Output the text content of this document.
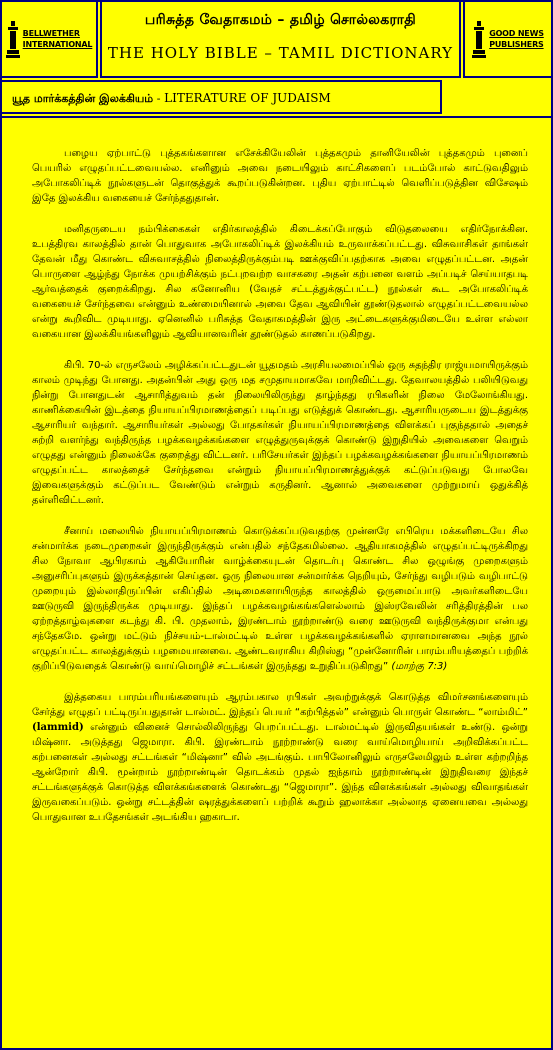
BELLWETHER
INTERNATIONAL
பரிசுத்த வேதாகமம் – தமிழ் சொல்லகராதி
THE HOLY BIBLE – TAMIL DICTIONARY
GOOD NEWS
PUBLISHERS
யூத மார்க்கத்தின் இலக்கியம் - LITERATURE OF JUDAISM

பழைய ஏற்பாட்டு புத்தகங்களான எசேக்கியேலின் புத்தகமும் தானியேலின் புத்தகமும் புனைப் பெயரில் எழுதப்பட்டவையல்ல. எனினும் அவை நடையிலும் காட்சிகளைப் படம்போல் காட்டுவதிலும் அபோகலிப்டிக் நூல்களுடன் தொகுத்துக் கூறப்படுகின்றன. புதிய ஏற்பாட்டில் வெளிப்படுத்தின விசேஷம் இதே இலக்கிய வகையைச் சேர்ந்ததுதான்.

மனிதருடைய நம்பிக்கைகள் எதிர்காலத்தில் கிடைக்கப்போகும் விடுதலையை எதிர்நோக்கின. உபத்திரவ காலத்தில் தான் பொதுவாக அபோகலிப்டிக் இலக்கியம் உருவாக்கப்பட்டது. விசுவாசிகள் தாங்கள் தேவன் மீது கொண்ட விசுவாசத்தில் நிலைத்திருக்கும்படி ஊக்குவிப்பதற்காக அவை எழுதப்பட்டன. அதன் பொருளை ஆழ்ந்து நோக்க முயற்சிக்கும் நட்புறவற்ற வாசகரை அதன் கற்பனை வளம் அப்படிச் செய்யாதபடி ஆர்வத்தைக் குறைக்கிறது. சில கனோனிய (வேதச் சட்டத்துக்குட்பட்ட) நூல்கள் கூட அபோகலிப்டிக் வகையைச் சேர்ந்தவை என்னும் உண்மையினால் அவை தேவ ஆவியின் தூண்டுதலால் எழுதப்பட்டவையல்ல என்று கூறிவிட முடியாது. ஏனெனில் பரிசுத்த வேதாகமத்தின் இரு அட்டைகளுக்குமிடையே உள்ள எல்லா வகையான இலக்கியங்களிலும் ஆவியானவரின் தூண்டுதல் காணப்படுகிறது.

கிபி. 70-ல் எருசலேம் அழிக்கப்பட்டதுடன் யூதமதம் அரசியலமைப்பில் ஒரு சுதந்திர ராஜ்யமாயிருக்கும் காலம் முடிந்து போனது. அதன்பின் அது ஒரு மத சமுதாயமாகவே மாறிவிட்டது. தேவாலயத்தில் பலியிடுவது நின்று போனதுடன் ஆசாரித்துவம் தன் நிலையிலிருந்து தாழ்ந்தது ரபிகளின் நிலை மேலோங்கியது. காணிக்கையின் இடத்தை நியாயப்பிரமாணத்தைப் படிப்பது எடுத்துக் கொண்டது. ஆசாரியருடைய இடத்துக்கு ஆசாரியர் வந்தார். ஆசாரியர்கள் அல்லது போதகர்கள் நியாயப்பிரமாணத்தை விளக்கப் புகுந்ததால் அதைச் சுற்றி வளர்ந்து வந்திருந்த பழக்கவழக்கங்களை எழுத்துருவுக்குக் கொண்டு இறுதியில் அவைகளை வெறும் எழுதது என்னும் நிலைக்கே குறைத்து விட்டனர். பரிசேயர்கள் இந்தப் பழக்கவழக்கங்களை நியாயப்பிரமாணம் எழுதப்பட்ட காலத்தைச் சேர்ந்தவை என்றும் நியாயப்பிரமாணத்துக்குக் கட்டுப்படுவது போலவே இவைகளுக்கும் கட்டுப்பட வேண்டும் என்றும் கருதினர். ஆனால் அவைகளை முற்றுமாய் ஒதுக்கித் தள்ளிவிட்டனர்.

சீனாய் மலையில் நியாயப்பிரமாணம் கொடுக்கப்படுவதற்கு முன்னரே எபிரெய மக்களிடையே சில சன்மார்க்க நடைமுறைகள் இருந்திருக்கும் என்பதில் சந்தேகமில்லை. ஆதியாகமத்தில் எழுதப்பட்டிருக்கிறது சில நோவா ஆபிரகாம் ஆகியோரின் வாழ்க்கையுடன் தொடர்பு கொண்ட சில ஒழுங்கு முறைகளும் அனுசரிப்புகளும் இருக்கத்தான் செய்தன. ஒரு நிலையான சன்மார்க்க நெறியும், சேர்ந்து வழிபடும் வழிபாட்டு முறையும் இல்லாதிருப்பின் எகிப்தில் அடிமைகளாயிருந்த காலத்தில் ஒருமைப்பாடு அவர்களிடையே ஊடுருவி இருந்திருக்க முடியாது. இந்தப் பழக்கவழங்கங்களெல்லாம் இஸ்ரவேலின் சரித்திரத்தின் பல ஏற்றத்தாழ்வுகளை கடந்து கி. பி. முதலாம், இரண்டாம் நூற்றாண்டு வரை ஊடுருவி வந்திருக்குமா என்பது சந்தேகமே. ஒன்று மட்டும் நிச்சயம்-டால்மட்டில் உள்ள பழக்கவழக்கங்களில் ஏராளமானவை அந்த நூல் எழுதப்பட்ட காலத்துக்கும் பழமையானவை. ஆண்டவராகிய கிறிஸ்து “முன்னோரின் பாரம்பரியத்தைப் பற்றிக் குறிப்பிடுவதைக் கொண்டு வாய்மொழிச் சட்டங்கள் இருந்தது உறுதிப்படுகிறது” (மாற்கு 7:3)

இத்தகைய பாரம்பரியங்களையும் ஆரம்பகால ரபிகள் அவற்றுக்குக் கொடுத்த விமர்சனங்களையும் சேர்த்து எழுதப் பட்டிருப்பதுதான் டால்மட். இந்தப் பெயர் “கற்பித்தல்” என்னும் பொருள் கொண்ட “லாம்மிட்” (lammid) என்னும் வினைச் சொல்லிலிருந்து பெறப்பட்டது. டால்மட்டில் இருவிதயங்கள் உண்டு. ஒன்று மிஷ்னா. அடுத்தது ஜெமாரா. கிபி. இரண்டாம் நூற்றாண்டு வரை வாய்மொழியாய் அறிவிக்கப்பட்ட கற்பனைகள் அல்லது சட்டங்கள் “மிஷ்னா” வில் அடங்கும். பாபிலோனிலும் எருசலேமிலும் உள்ள கற்றறிந்த ஆன்றோர் கிபி. மூன்றாம் நூற்றாண்டின் தொடக்கம் முதல் ஐந்தாம் நூற்றாண்டின் இறுதிவரை இந்தச் சட்டங்களுக்குக் கொடுத்த விளக்கங்களைக் கொண்டது “ஜெமாரா”. இந்த விளக்கங்கள் அல்லது விவாதங்கள் இருவகைப்படும். ஒன்று சட்டத்தின் ஷரத்துக்களைப் பற்றிக் கூறும் ஹலாக்கா அல்லாத ஏனையவை அல்லது பொதுவான உபதேசங்கள் அடங்கிய ஹகாடா.
